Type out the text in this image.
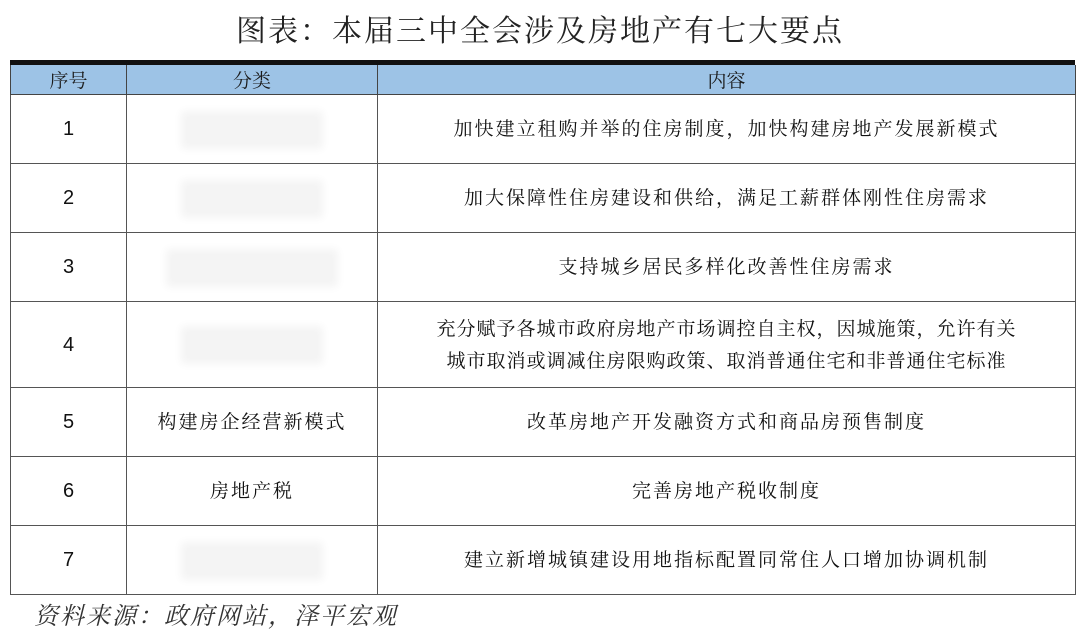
图表：本届三中全会涉及房地产有七大要点
序号	分类	内容
1		加快建立租购并举的住房制度，加快构建房地产发展新模式
2		加大保障性住房建设和供给，满足工薪群体刚性住房需求
3		支持城乡居民多样化改善性住房需求
4		充分赋予各城市政府房地产市场调控自主权，因城施策，允许有关
城市取消或调减住房限购政策、取消普通住宅和非普通住宅标准

5	构建房企经营新模式	改革房地产开发融资方式和商品房预售制度
6	房地产税	完善房地产税收制度
7		建立新增城镇建设用地指标配置同常住人口增加协调机制
资料来源：政府网站，泽平宏观
